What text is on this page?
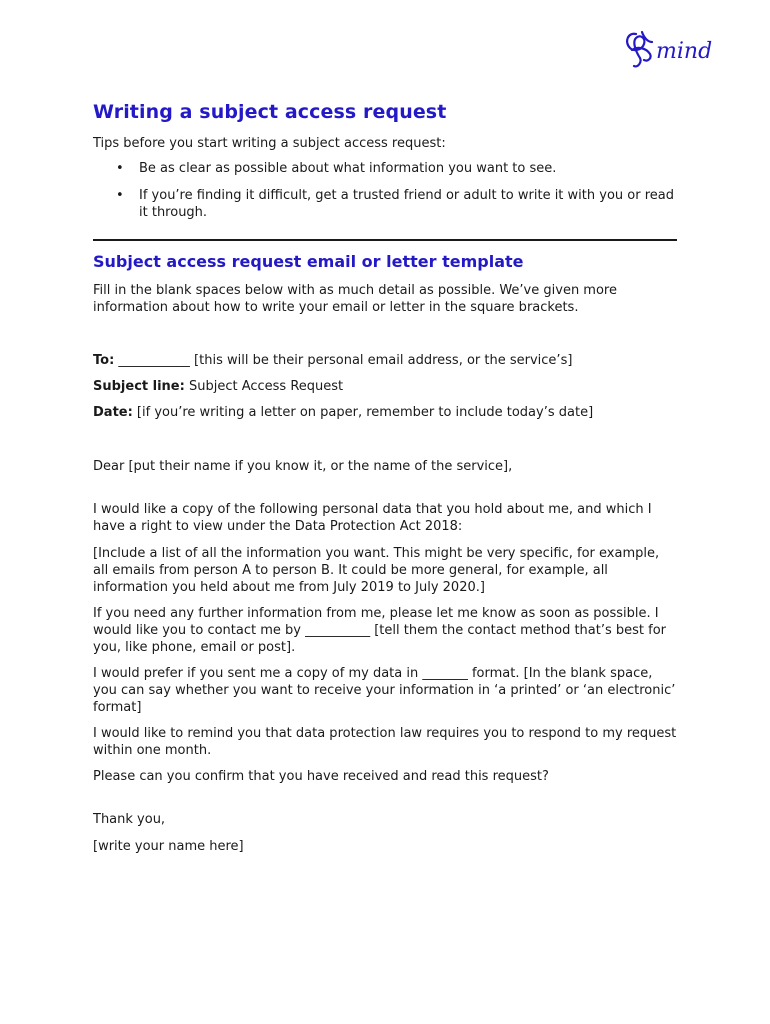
mind
Writing a subject access request
Tips before you start writing a subject access request:
• Be as clear as possible about what information you want to see.
• If you’re finding it difficult, get a trusted friend or adult to write it with you or read it through.
Subject access request email or letter template
Fill in the blank spaces below with as much detail as possible. We’ve given more information about how to write your email or letter in the square brackets.
To: ___________ [this will be their personal email address, or the service’s]
Subject line: Subject Access Request
Date: [if you’re writing a letter on paper, remember to include today’s date]
Dear [put their name if you know it, or the name of the service],
I would like a copy of the following personal data that you hold about me, and which I have a right to view under the Data Protection Act 2018:
[Include a list of all the information you want. This might be very specific, for example, all emails from person A to person B. It could be more general, for example, all information you held about me from July 2019 to July 2020.]
If you need any further information from me, please let me know as soon as possible. I would like you to contact me by __________ [tell them the contact method that’s best for you, like phone, email or post].
I would prefer if you sent me a copy of my data in _______ format. [In the blank space, you can say whether you want to receive your information in ‘a printed’ or ‘an electronic’ format]
I would like to remind you that data protection law requires you to respond to my request within one month.
Please can you confirm that you have received and read this request?
Thank you,
[write your name here]
